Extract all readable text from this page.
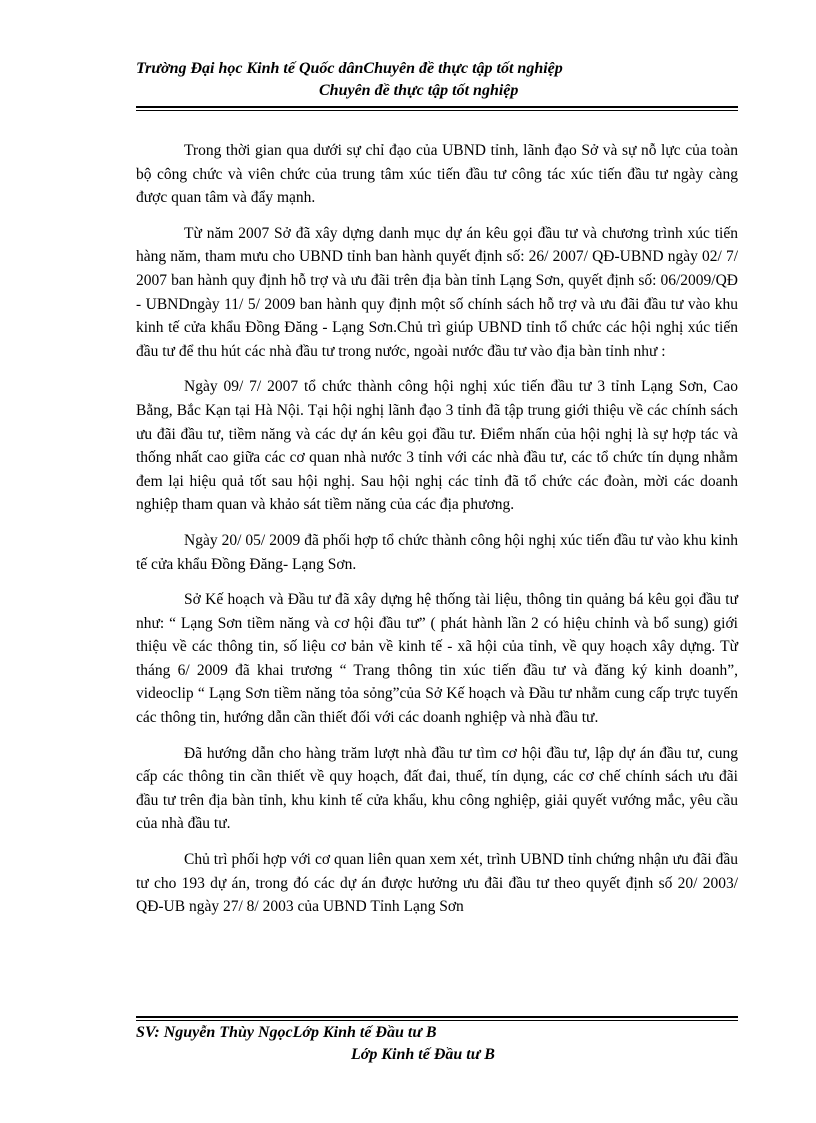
Trường Đại học Kinh tế Quốc dânChuyên đề thực tập tốt nghiệp
Chuyên đề thực tập tốt nghiệp

Trong thời gian qua dưới sự chỉ đạo của UBND tỉnh, lãnh đạo Sở và sự nỗ lực của toàn bộ công chức và viên chức của trung tâm xúc tiến đầu tư công tác xúc tiến đầu tư ngày càng được quan tâm và đẩy mạnh.

Từ năm 2007 Sở đã xây dựng danh mục dự án kêu gọi đầu tư và chương trình xúc tiến hàng năm, tham mưu cho UBND tỉnh ban hành quyết định số: 26/ 2007/ QĐ-UBND ngày 02/ 7/ 2007 ban hành quy định hỗ trợ và ưu đãi trên địa bàn tỉnh Lạng Sơn, quyết định số: 06/2009/QĐ - UBNDngày 11/ 5/ 2009 ban hành quy định một số chính sách hỗ trợ và ưu đãi đầu tư vào khu kinh tế cửa khẩu Đồng Đăng - Lạng Sơn.Chủ trì giúp UBND tỉnh tổ chức các hội nghị xúc tiến đầu tư để thu hút các nhà đầu tư trong nước, ngoài nước đầu tư vào địa bàn tỉnh như :

Ngày 09/ 7/ 2007 tổ chức thành công hội nghị xúc tiến đầu tư 3 tỉnh Lạng Sơn, Cao Bằng, Bắc Kạn tại Hà Nội. Tại hội nghị lãnh đạo 3 tỉnh đã tập trung giới thiệu về các chính sách ưu đãi đầu tư, tiềm năng và các dự án kêu gọi đầu tư. Điểm nhấn của hội nghị là sự hợp tác và thống nhất cao giữa các cơ quan nhà nước 3 tỉnh với các nhà đầu tư, các tổ chức tín dụng nhằm đem lại hiệu quả tốt sau hội nghị. Sau hội nghị các tỉnh đã tổ chức các đoàn, mời các doanh nghiệp tham quan và khảo sát tiềm năng của các địa phương.

Ngày 20/ 05/ 2009 đã phối hợp tổ chức thành công hội nghị xúc tiến đầu tư vào khu kinh tế cửa khẩu Đồng Đăng- Lạng Sơn.

Sở Kế hoạch và Đầu tư đã xây dựng hệ thống tài liệu, thông tin quảng bá kêu gọi đầu tư như: “ Lạng Sơn tiềm năng và cơ hội đầu tư” ( phát hành lần 2 có hiệu chỉnh và bổ sung) giới thiệu về các thông tin, số liệu cơ bản về kinh tế - xã hội của tỉnh, về quy hoạch xây dựng. Từ tháng 6/ 2009 đã khai trương “ Trang thông tin xúc tiến đầu tư và đăng ký kinh doanh”, videoclip “ Lạng Sơn tiềm năng tỏa sỏng”của Sở Kế hoạch và Đầu tư nhằm cung cấp trực tuyến các thông tin, hướng dẫn cần thiết đối với các doanh nghiệp và nhà đầu tư.

Đã hướng dẫn cho hàng trăm lượt nhà đầu tư tìm cơ hội đầu tư, lập dự án đầu tư, cung cấp các thông tin cần thiết về quy hoạch, đất đai, thuế, tín dụng, các cơ chế chính sách ưu đãi đầu tư trên địa bàn tỉnh, khu kinh tế cửa khẩu, khu công nghiệp, giải quyết vướng mắc, yêu cầu của nhà đầu tư.

Chủ trì phối hợp với cơ quan liên quan xem xét, trình UBND tỉnh chứng nhận ưu đãi đầu tư cho 193 dự án, trong đó các dự án được hưởng ưu đãi đầu tư theo quyết định số 20/ 2003/ QĐ-UB ngày 27/ 8/ 2003 của UBND Tỉnh Lạng Sơn

SV: Nguyễn Thùy NgọcLớp Kinh tế Đầu tư B
Lớp Kinh tế Đầu tư B
